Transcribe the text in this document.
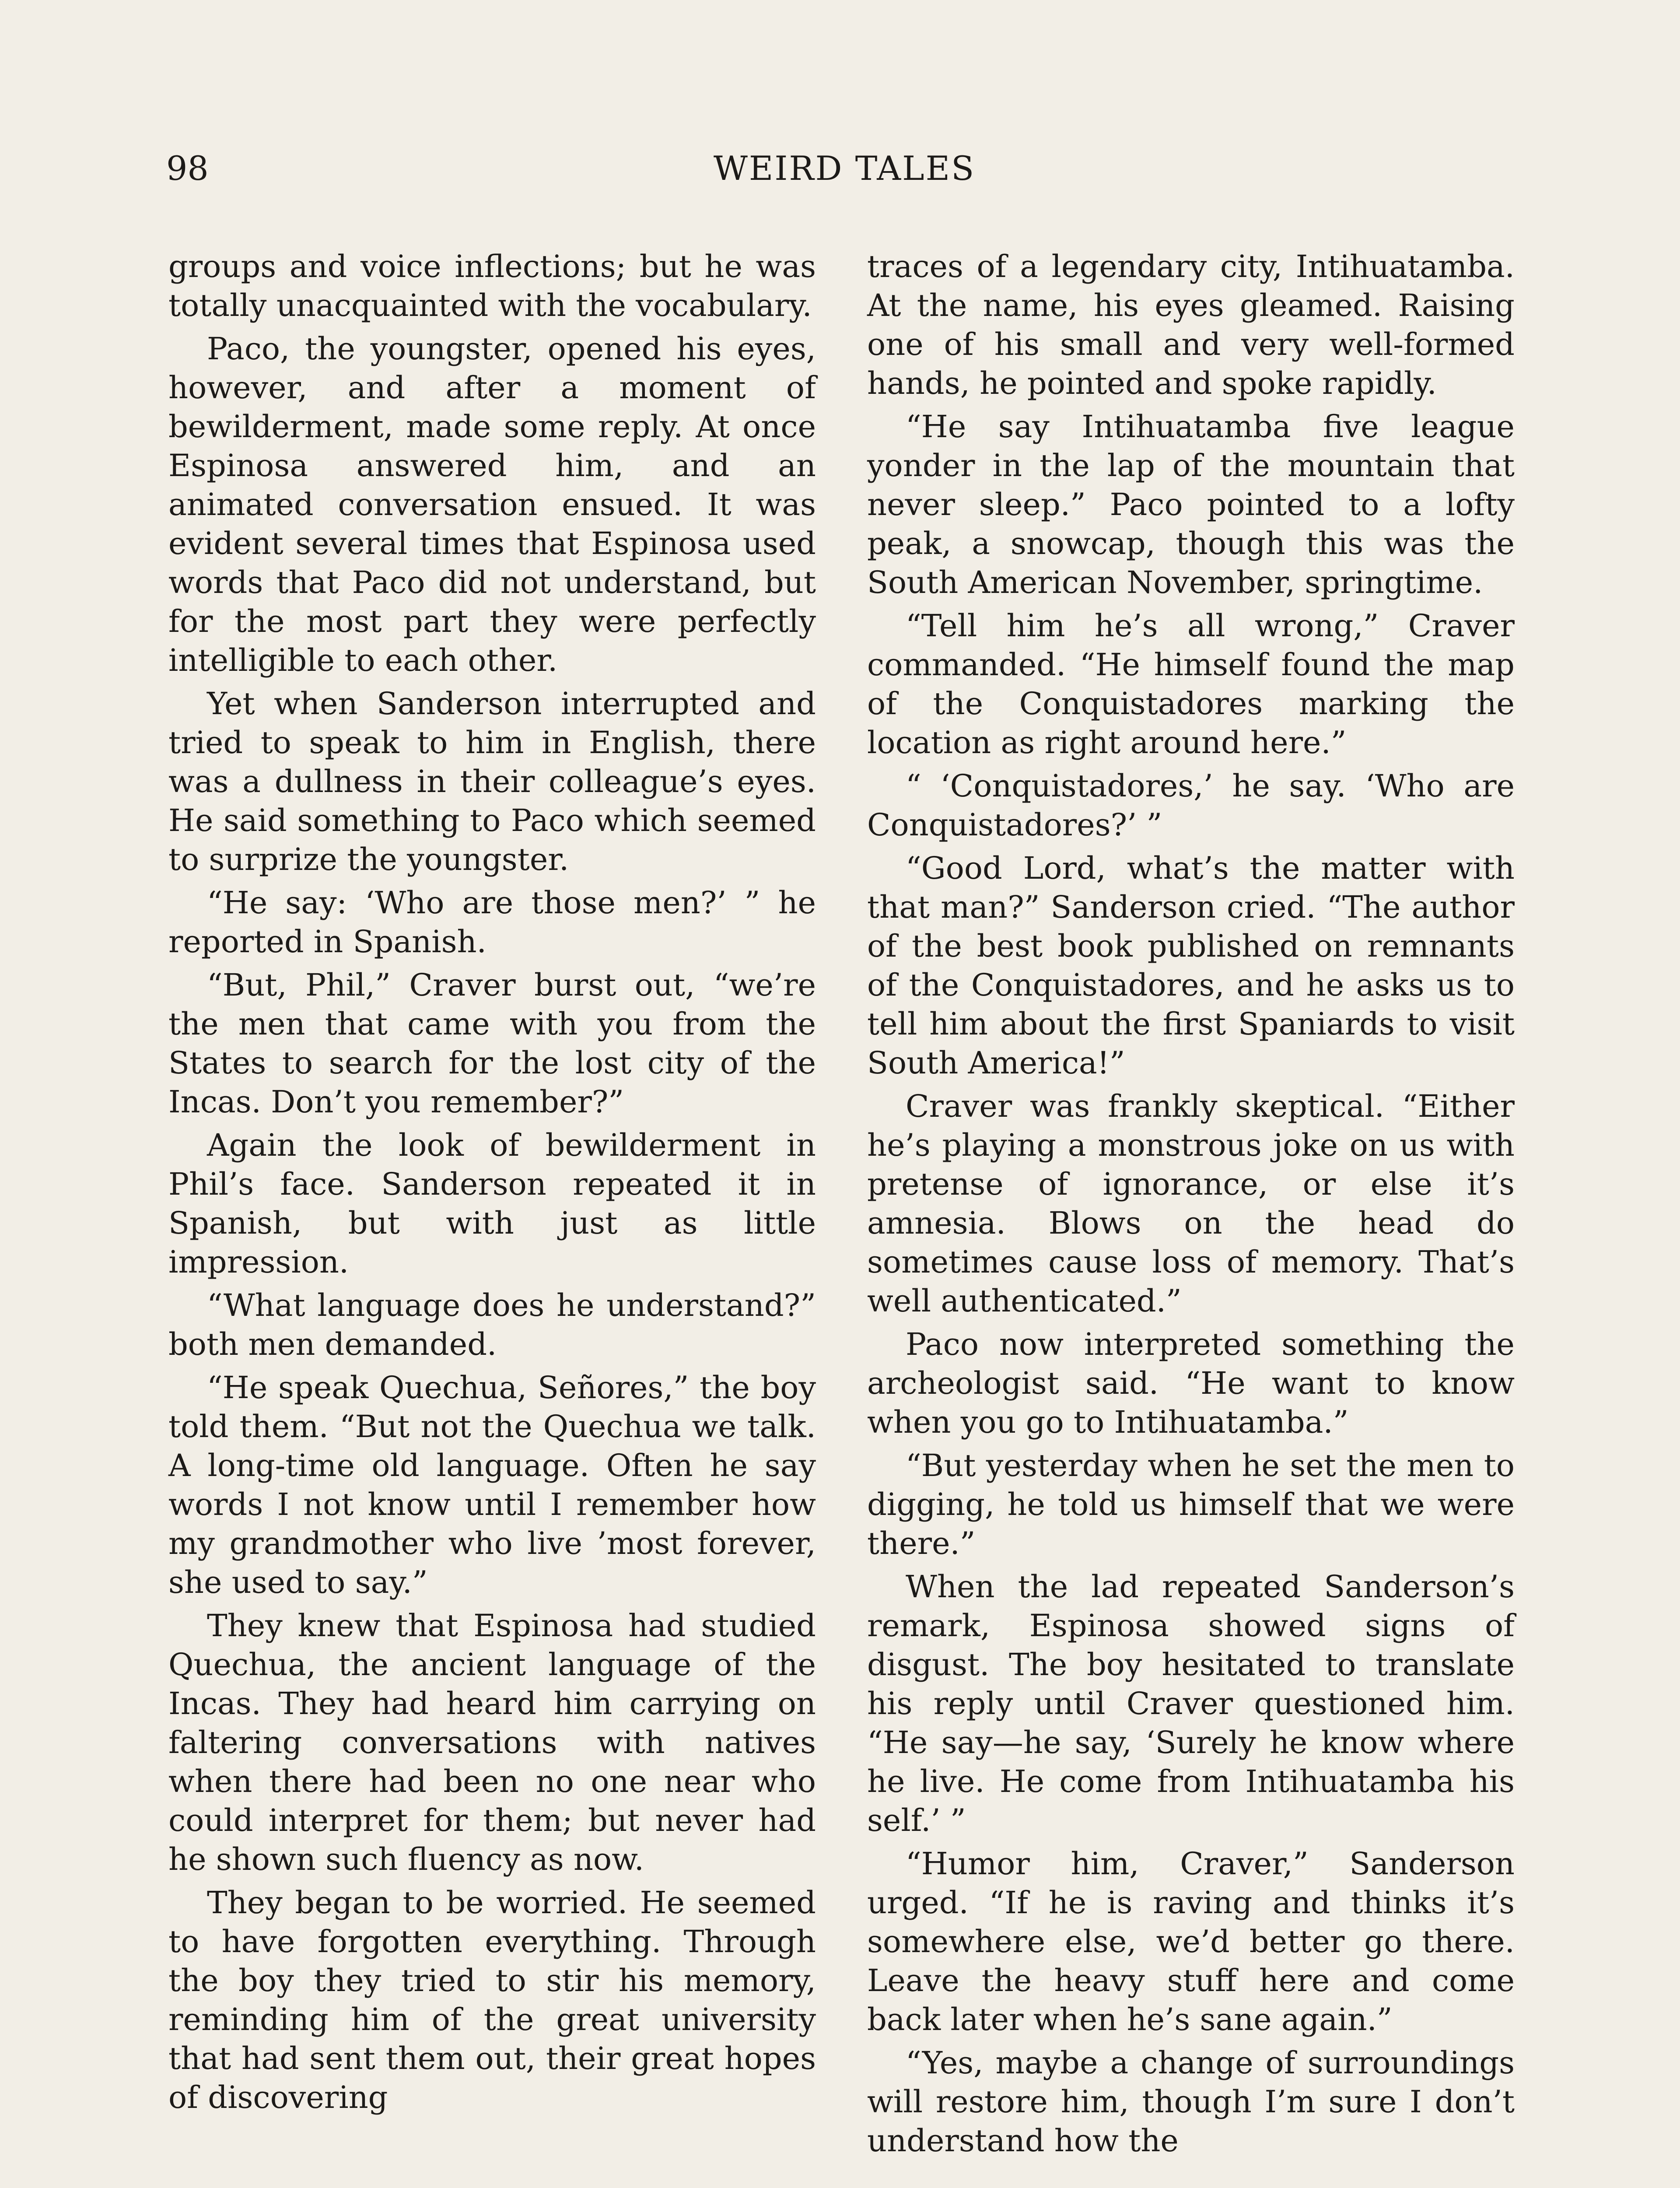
98	WEIRD TALES

groups and voice inflections; but he was totally unacquainted with the vocabulary.

Paco, the youngster, opened his eyes, however, and after a moment of bewilderment, made some reply. At once Espinosa answered him, and an animated conversation ensued. It was evident several times that Espinosa used words that Paco did not understand, but for the most part they were perfectly intelligible to each other.

Yet when Sanderson interrupted and tried to speak to him in English, there was a dullness in their colleague’s eyes. He said something to Paco which seemed to surprize the youngster.

“He say: ‘Who are those men?’ ” he reported in Spanish.

“But, Phil,” Craver burst out, “we’re the men that came with you from the States to search for the lost city of the Incas. Don’t you remember?”

Again the look of bewilderment in Phil’s face. Sanderson repeated it in Spanish, but with just as little impression.

“What language does he understand?” both men demanded.

“He speak Quechua, Señores,” the boy told them. “But not the Quechua we talk. A long-time old language. Often he say words I not know until I remember how my grandmother who live ’most forever, she used to say.”

They knew that Espinosa had studied Quechua, the ancient language of the Incas. They had heard him carrying on faltering conversations with natives when there had been no one near who could interpret for them; but never had he shown such fluency as now.

They began to be worried. He seemed to have forgotten everything. Through the boy they tried to stir his memory, reminding him of the great university that had sent them out, their great hopes of discovering

traces of a legendary city, Intihuatamba. At the name, his eyes gleamed. Raising one of his small and very well-formed hands, he pointed and spoke rapidly.

“He say Intihuatamba five league yonder in the lap of the mountain that never sleep.” Paco pointed to a lofty peak, a snowcap, though this was the South American November, springtime.

“Tell him he’s all wrong,” Craver commanded. “He himself found the map of the Conquistadores marking the location as right around here.”

“ ‘Conquistadores,’ he say. ‘Who are Conquistadores?’ ”

“Good Lord, what’s the matter with that man?” Sanderson cried. “The author of the best book published on remnants of the Conquistadores, and he asks us to tell him about the first Spaniards to visit South America!”

Craver was frankly skeptical. “Either he’s playing a monstrous joke on us with pretense of ignorance, or else it’s amnesia. Blows on the head do sometimes cause loss of memory. That’s well authenticated.”

Paco now interpreted something the archeologist said. “He want to know when you go to Intihuatamba.”

“But yesterday when he set the men to digging, he told us himself that we were there.”

When the lad repeated Sanderson’s remark, Espinosa showed signs of disgust. The boy hesitated to translate his reply until Craver questioned him. “He say—he say, ‘Surely he know where he live. He come from Intihuatamba his self.’ ”

“Humor him, Craver,” Sanderson urged. “If he is raving and thinks it’s somewhere else, we’d better go there. Leave the heavy stuff here and come back later when he’s sane again.”

“Yes, maybe a change of surroundings will restore him, though I’m sure I don’t understand how the
